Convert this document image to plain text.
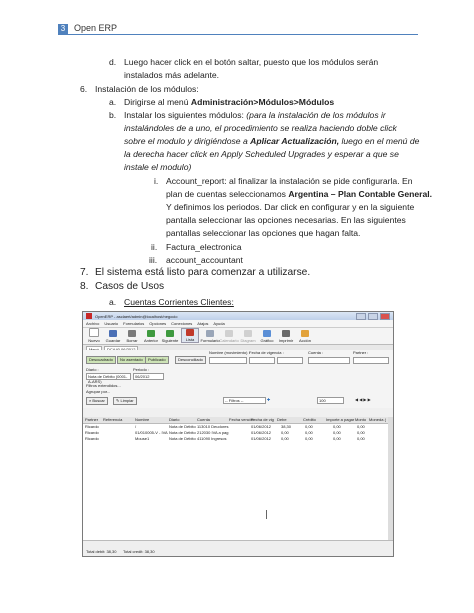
3 Open ERP
d. Luego hacer click en el botón saltar, puesto que los módulos serán
instalados más adelante.
6. Instalación de los módulos:
a. Dirigirse al menú Administración>Módulos>Módulos
b. Instalar los siguientes módulos: (para la instalación de los módulos ir
instalándoles de a uno, el procedimiento se realiza haciendo doble click
sobre el modulo y dirigiéndose a Aplicar Actualización, luego en el menú de
la derecha hacer click en Apply Scheduled Upgrades y esperar a que se
instale el modulo)
i. Account_report: al finalizar la instalación se pide configurarla. En
plan de cuentas seleccionamos Argentina – Plan Contable General.
Y definimos los periodos. Dar click en configurar y en la siguiente
pantalla seleccionar las opciones necesarias. En las siguientes
pantallas seleccionar las opciones que hagan falta.
ii. Factura_electronica
iii. account_accountant
7. El sistema está listo para comenzar a utilizarse.
8. Casos de Usos
a. Cuentas Corrientes Clientes:
OpenERP - asclaert/admin@localhost/negocio
Archivo Usuario Formularios Opciones Conexiones Atajos Ayuda
Nuevo Guardar Borrar Anterior Siguiente Lista Formulario Calendario Diagram Gráfico Imprimir Acción
Descuadrado	No asentado	Publicado	Desconciliado
Nombre (movimiento) : Fecha de vigencia :	Cuenta :	Partner :
Diario :	Periodo :
Nota de Débito (0001-A-ARS)
06/2012
Filtros extendidos...
Agrupar por...
⌕ Buscar	✎ Limpiar	-- Filtros --	✚	100	◀ ◀ ▶ ▶
Partner Referencia	Nombre	Diario	Cuenta	Fecha vencim
Fecha de vig Debe	Crédito	Importe a pagar Monto Moneda (
Ricardo	/	Nota de Débito 113010 Deudores	01/06/2012 38,30	0,00	0,00	0,00
Ricardo	01/010005-V - IVA Nota de Débito 212030 IVA a pag	01/06/2012 0,00	0,00	0,00	0,00
Ricardo	Mouse1	Nota de Débito 411090 Ingresos	01/06/2012 0,00	0,00	0,00	0,00
Total debit: 38,30 Total credit: 38,30
